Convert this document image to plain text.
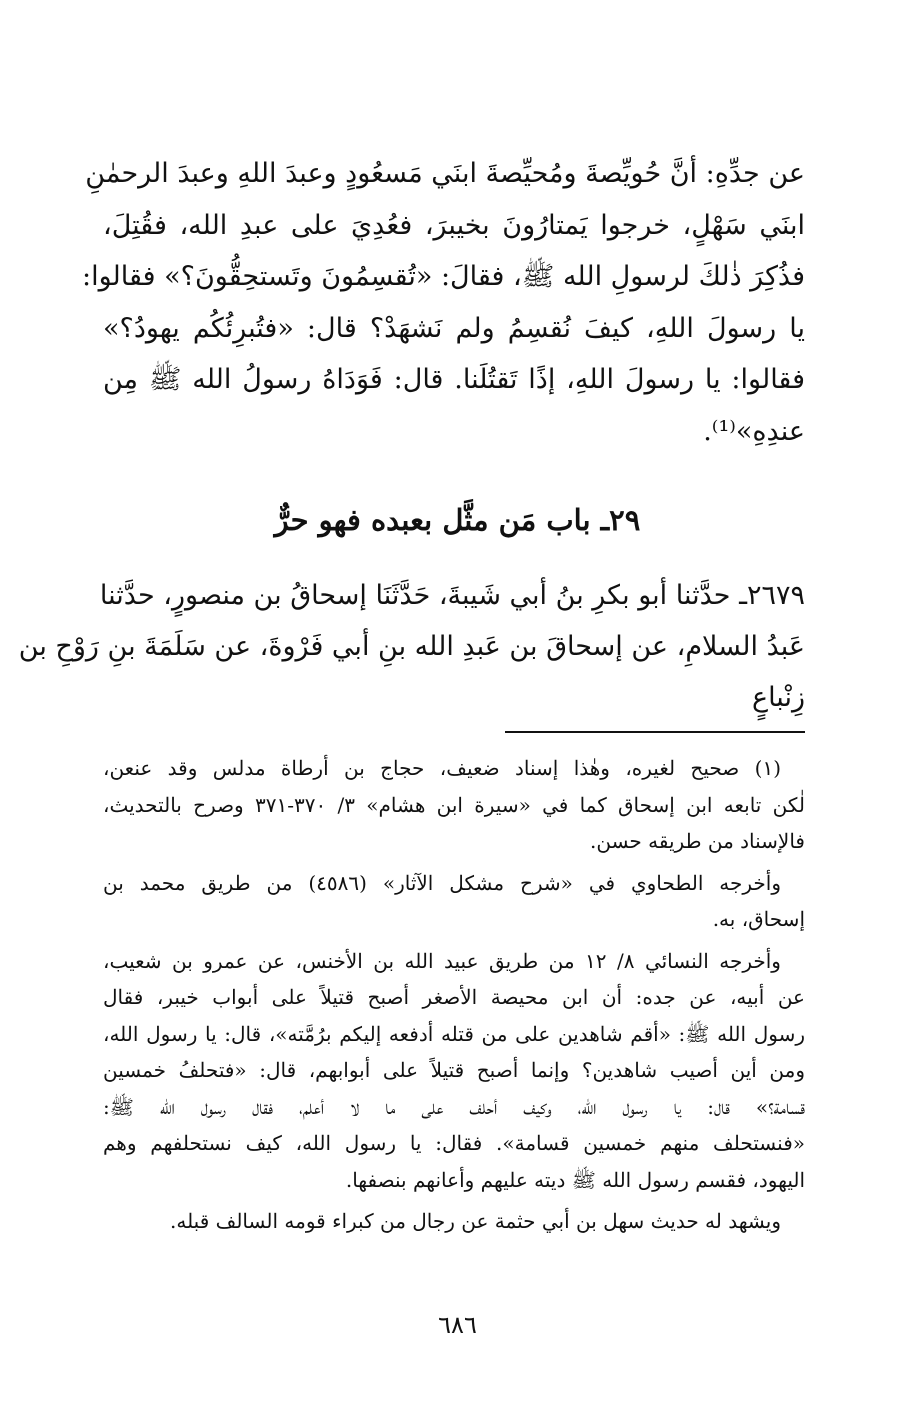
عن جدِّهِ: أنَّ حُويِّصةَ ومُحيِّصةَ ابنَي مَسعُودٍ وعبدَ اللهِ وعبدَ الرحمٰنِ
ابنَي سَهْلٍ، خرجوا يَمتارُونَ بخيبرَ، فعُدِيَ على عبدِ الله، فقُتِلَ،
فذُكِرَ ذٰلكَ لرسولِ الله ﷺ، فقالَ: «تُقسِمُونَ وتَستحِقُّونَ؟» فقالوا:
يا رسولَ اللهِ، كيفَ نُقسِمُ ولم نَشهَدْ؟ قال: «فتُبرِئُكُم يهودُ؟»
فقالوا: يا رسولَ اللهِ، إذًا تَقتُلَنا. قال: فَوَدَاهُ رسولُ الله ﷺ مِن
عندِهِ»⁽¹⁾.
٢٩ـ باب مَن مثَّل بعبده فهو حرٌّ
٢٦٧٩ـ حدَّثنا أبو بكرِ بنُ أبي شَيبةَ، حَدَّثَنَا إسحاقُ بن منصورٍ، حدَّثنا
عَبدُ السلامِ، عن إسحاقَ بن عَبدِ الله بنِ أبي فَرْوةَ، عن سَلَمَةَ بنِ رَوْحِ بن
زِنْباعٍ
(١) صحيح لغيره، وهٰذا إسناد ضعيف، حجاج بن أرطاة مدلس وقد عنعن،
لٰكن تابعه ابن إسحاق كما في «سيرة ابن هشام» ٣/ ٣٧٠-٣٧١ وصرح بالتحديث،
فالإسناد من طريقه حسن.
وأخرجه الطحاوي في «شرح مشكل الآثار» (٤٥٨٦) من طريق محمد بن
إسحاق، به.
وأخرجه النسائي ٨/ ١٢ من طريق عبيد الله بن الأخنس، عن عمرو بن شعيب،
عن أبيه، عن جده: أن ابن محيصة الأصغر أصبح قتيلاً على أبواب خيبر، فقال
رسول الله ﷺ: «أقم شاهدين على من قتله أدفعه إليكم برُمَّته»، قال: يا رسول الله،
ومن أين أصيب شاهدين؟ وإنما أصبح قتيلاً على أبوابهم، قال: «فتحلفُ خمسين
قسامة؟» قال: يا رسول الله، وكيف أحلف على ما لا أعلم، فقال رسول الله ﷺ:
«فنستحلف منهم خمسين قسامة». فقال: يا رسول الله، كيف نستحلفهم وهم
اليهود، فقسم رسول الله ﷺ ديته عليهم وأعانهم بنصفها.
ويشهد له حديث سهل بن أبي حثمة عن رجال من كبراء قومه السالف قبله.
٦٨٦
